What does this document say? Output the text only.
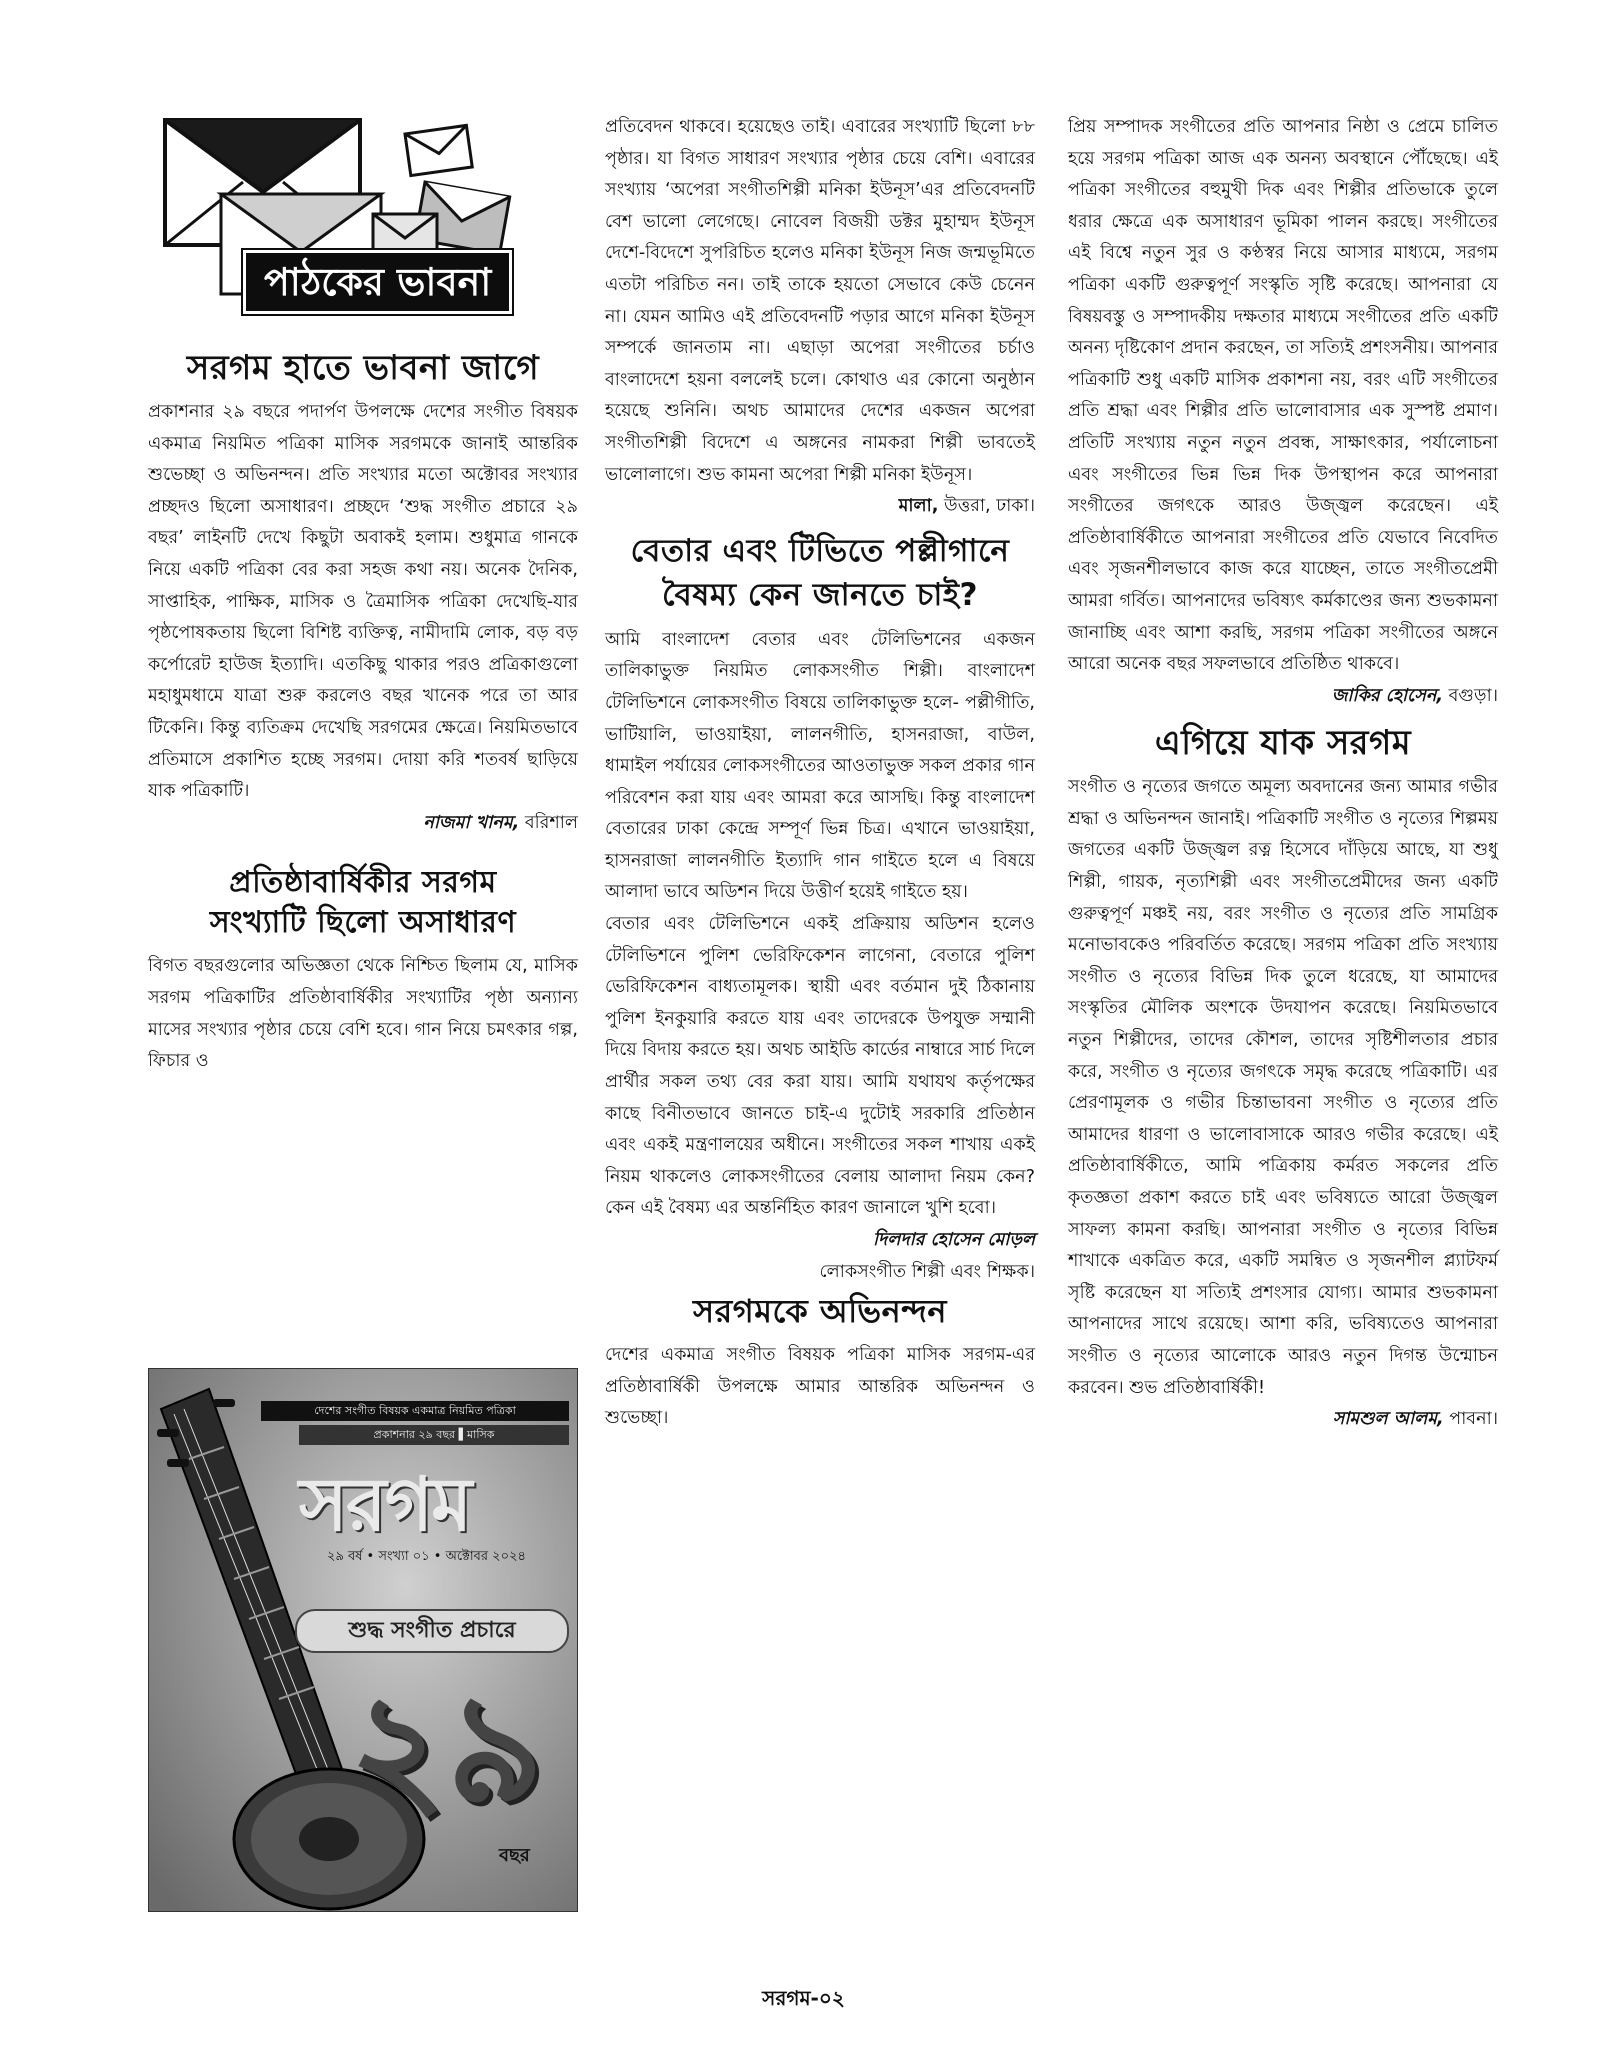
পাঠকের ভাবনা
সরগম হাতে ভাবনা জাগে

প্রকাশনার ২৯ বছরে পদার্পণ উপলক্ষে দেশের সংগীত বিষয়ক একমাত্র নিয়মিত পত্রিকা মাসিক সরগমকে জানাই আন্তরিক শুভেচ্ছা ও অভিনন্দন। প্রতি সংখ্যার মতো অক্টোবর সংখ্যার প্রচ্ছদও ছিলো অসাধারণ। প্রচ্ছদে ‘শুদ্ধ সংগীত প্রচারে ২৯ বছর’ লাইনটি দেখে কিছুটা অবাকই হলাম। শুধুমাত্র গানকে নিয়ে একটি পত্রিকা বের করা সহজ কথা নয়। অনেক দৈনিক, সাপ্তাহিক, পাক্ষিক, মাসিক ও ত্রৈমাসিক পত্রিকা দেখেছি-যার পৃষ্ঠপোষকতায় ছিলো বিশিষ্ট ব্যক্তিত্ব, নামীদামি লোক, বড় বড় কর্পোরেট হাউজ ইত্যাদি। এতকিছু থাকার পরও প্রত্রিকাগুলো মহাধুমধামে যাত্রা শুরু করলেও বছর খানেক পরে তা আর টিকেনি। কিন্তু ব্যতিক্রম দেখেছি সরগমের ক্ষেত্রে। নিয়মিতভাবে প্রতিমাসে প্রকাশিত হচ্ছে সরগম। দোয়া করি শতবর্ষ ছাড়িয়ে যাক পত্রিকাটি।

নাজমা খানম, বরিশাল

প্রতিষ্ঠাবার্ষিকীর সরগম
সংখ্যাটি ছিলো অসাধারণ

বিগত বছরগুলোর অভিজ্ঞতা থেকে নিশ্চিত ছিলাম যে, মাসিক সরগম পত্রিকাটির প্রতিষ্ঠাবার্ষিকীর সংখ্যাটির পৃষ্ঠা অন্যান্য মাসের সংখ্যার পৃষ্ঠার চেয়ে বেশি হবে। গান নিয়ে চমৎকার গল্প, ফিচার ও

দেশের সংগীত বিষয়ক একমাত্র নিয়মিত পত্রিকা
প্রকাশনার ২৯ বছর ▌মাসিক
সরগম
২৯ বর্ষ • সংখ্যা ০১ • অক্টোবর ২০২৪
শুদ্ধ সংগীত প্রচারে
২৯
বছর

প্রতিবেদন থাকবে। হয়েছেও তাই। এবারের সংখ্যাটি ছিলো ৮৮ পৃষ্ঠার। যা বিগত সাধারণ সংখ্যার পৃষ্ঠার চেয়ে বেশি। এবারের সংখ্যায় ‘অপেরা সংগীতশিল্পী মনিকা ইউনূস’এর প্রতিবেদনটি বেশ ভালো লেগেছে। নোবেল বিজয়ী ডক্টর মুহাম্মদ ইউনূস দেশে-বিদেশে সুপরিচিত হলেও মনিকা ইউনূস নিজ জন্মভূমিতে এতটা পরিচিত নন। তাই তাকে হয়তো সেভাবে কেউ চেনেন না। যেমন আমিও এই প্রতিবেদনটি পড়ার আগে মনিকা ইউনূস সম্পর্কে জানতাম না। এছাড়া অপেরা সংগীতের চর্চাও বাংলাদেশে হয়না বললেই চলে। কোথাও এর কোনো অনুষ্ঠান হয়েছে শুনিনি। অথচ আমাদের দেশের একজন অপেরা সংগীতশিল্পী বিদেশে এ অঙ্গনের নামকরা শিল্পী ভাবতেই ভালোলাগে। শুভ কামনা অপেরা শিল্পী মনিকা ইউনূস।

মালা, উত্তরা, ঢাকা।

বেতার এবং টিভিতে পল্লীগানে
বৈষম্য কেন জানতে চাই?

আমি বাংলাদেশ বেতার এবং টেলিভিশনের একজন তালিকাভুক্ত নিয়মিত লোকসংগীত শিল্পী। বাংলাদেশ টেলিভিশনে লোকসংগীত বিষয়ে তালিকাভুক্ত হলে- পল্লীগীতি, ভাটিয়ালি, ভাওয়াইয়া, লালনগীতি, হাসনরাজা, বাউল, ধামাইল পর্যায়ের লোকসংগীতের আওতাভুক্ত সকল প্রকার গান পরিবেশন করা যায় এবং আমরা করে আসছি। কিন্তু বাংলাদেশ বেতারের ঢাকা কেন্দ্রে সম্পূর্ণ ভিন্ন চিত্র। এখানে ভাওয়াইয়া, হাসনরাজা লালনগীতি ইত্যাদি গান গাইতে হলে এ বিষয়ে আলাদা ভাবে অডিশন দিয়ে উত্তীর্ণ হয়েই গাইতে হয়।

বেতার এবং টেলিভিশনে একই প্রক্রিয়ায় অডিশন হলেও টেলিভিশনে পুলিশ ভেরিফিকেশন লাগেনা, বেতারে পুলিশ ভেরিফিকেশন বাধ্যতামূলক। স্থায়ী এবং বর্তমান দুই ঠিকানায় পুলিশ ইনকুয়ারি করতে যায় এবং তাদেরকে উপযুক্ত সম্মানী দিয়ে বিদায় করতে হয়। অথচ আইডি কার্ডের নাম্বারে সার্চ দিলে প্রার্থীর সকল তথ্য বের করা যায়। আমি যথাযথ কর্তৃপক্ষের কাছে বিনীতভাবে জানতে চাই-এ দুটোই সরকারি প্রতিষ্ঠান এবং একই মন্ত্রণালয়ের অধীনে। সংগীতের সকল শাখায় একই নিয়ম থাকলেও লোকসংগীতের বেলায় আলাদা নিয়ম কেন? কেন এই বৈষম্য এর অন্তর্নিহিত কারণ জানালে খুশি হবো।

দিলদার হোসেন মোড়ল

লোকসংগীত শিল্পী এবং শিক্ষক।

সরগমকে অভিনন্দন

দেশের একমাত্র সংগীত বিষয়ক পত্রিকা মাসিক সরগম-এর প্রতিষ্ঠাবার্ষিকী উপলক্ষে আমার আন্তরিক অভিনন্দন ও শুভেচ্ছা।

প্রিয় সম্পাদক সংগীতের প্রতি আপনার নিষ্ঠা ও প্রেমে চালিত হয়ে সরগম পত্রিকা আজ এক অনন্য অবস্থানে পৌঁছেছে। এই পত্রিকা সংগীতের বহুমুখী দিক এবং শিল্পীর প্রতিভাকে তুলে ধরার ক্ষেত্রে এক অসাধারণ ভূমিকা পালন করছে। সংগীতের এই বিশ্বে নতুন সুর ও কণ্ঠস্বর নিয়ে আসার মাধ্যমে, সরগম পত্রিকা একটি গুরুত্বপূর্ণ সংস্কৃতি সৃষ্টি করেছে। আপনারা যে বিষয়বস্তু ও সম্পাদকীয় দক্ষতার মাধ্যমে সংগীতের প্রতি একটি অনন্য দৃষ্টিকোণ প্রদান করছেন, তা সত্যিই প্রশংসনীয়। আপনার পত্রিকাটি শুধু একটি মাসিক প্রকাশনা নয়, বরং এটি সংগীতের প্রতি শ্রদ্ধা এবং শিল্পীর প্রতি ভালোবাসার এক সুস্পষ্ট প্রমাণ। প্রতিটি সংখ্যায় নতুন নতুন প্রবন্ধ, সাক্ষাৎকার, পর্যালোচনা এবং সংগীতের ভিন্ন ভিন্ন দিক উপস্থাপন করে আপনারা সংগীতের জগৎকে আরও উজ্জ্বল করেছেন। এই প্রতিষ্ঠাবার্ষিকীতে আপনারা সংগীতের প্রতি যেভাবে নিবেদিত এবং সৃজনশীলভাবে কাজ করে যাচ্ছেন, তাতে সংগীতপ্রেমী আমরা গর্বিত। আপনাদের ভবিষ্যৎ কর্মকাণ্ডের জন্য শুভকামনা জানাচ্ছি এবং আশা করছি, সরগম পত্রিকা সংগীতের অঙ্গনে আরো অনেক বছর সফলভাবে প্রতিষ্ঠিত থাকবে।

জাকির হোসেন, বগুড়া।

এগিয়ে যাক সরগম

সংগীত ও নৃত্যের জগতে অমূল্য অবদানের জন্য আমার গভীর শ্রদ্ধা ও অভিনন্দন জানাই। পত্রিকাটি সংগীত ও নৃত্যের শিল্পময় জগতের একটি উজ্জ্বল রত্ন হিসেবে দাঁড়িয়ে আছে, যা শুধু শিল্পী, গায়ক, নৃত্যশিল্পী এবং সংগীতপ্রেমীদের জন্য একটি গুরুত্বপূর্ণ মঞ্চই নয়, বরং সংগীত ও নৃত্যের প্রতি সামগ্রিক মনোভাবকেও পরিবর্তিত করেছে। সরগম পত্রিকা প্রতি সংখ্যায় সংগীত ও নৃত্যের বিভিন্ন দিক তুলে ধরেছে, যা আমাদের সংস্কৃতির মৌলিক অংশকে উদযাপন করেছে। নিয়মিতভাবে নতুন শিল্পীদের, তাদের কৌশল, তাদের সৃষ্টিশীলতার প্রচার করে, সংগীত ও নৃত্যের জগৎকে সমৃদ্ধ করেছে পত্রিকাটি। এর প্রেরণামূলক ও গভীর চিন্তাভাবনা সংগীত ও নৃত্যের প্রতি আমাদের ধারণা ও ভালোবাসাকে আরও গভীর করেছে। এই প্রতিষ্ঠাবার্ষিকীতে, আমি পত্রিকায় কর্মরত সকলের প্রতি কৃতজ্ঞতা প্রকাশ করতে চাই এবং ভবিষ্যতে আরো উজ্জ্বল সাফল্য কামনা করছি। আপনারা সংগীত ও নৃত্যের বিভিন্ন শাখাকে একত্রিত করে, একটি সমন্বিত ও সৃজনশীল প্ল্যাটফর্ম সৃষ্টি করেছেন যা সত্যিই প্রশংসার যোগ্য। আমার শুভকামনা আপনাদের সাথে রয়েছে। আশা করি, ভবিষ্যতেও আপনারা সংগীত ও নৃত্যের আলোকে আরও নতুন দিগন্ত উন্মোচন করবেন। শুভ প্রতিষ্ঠাবার্ষিকী!

সামশুল আলম, পাবনা।

সরগম-০২
